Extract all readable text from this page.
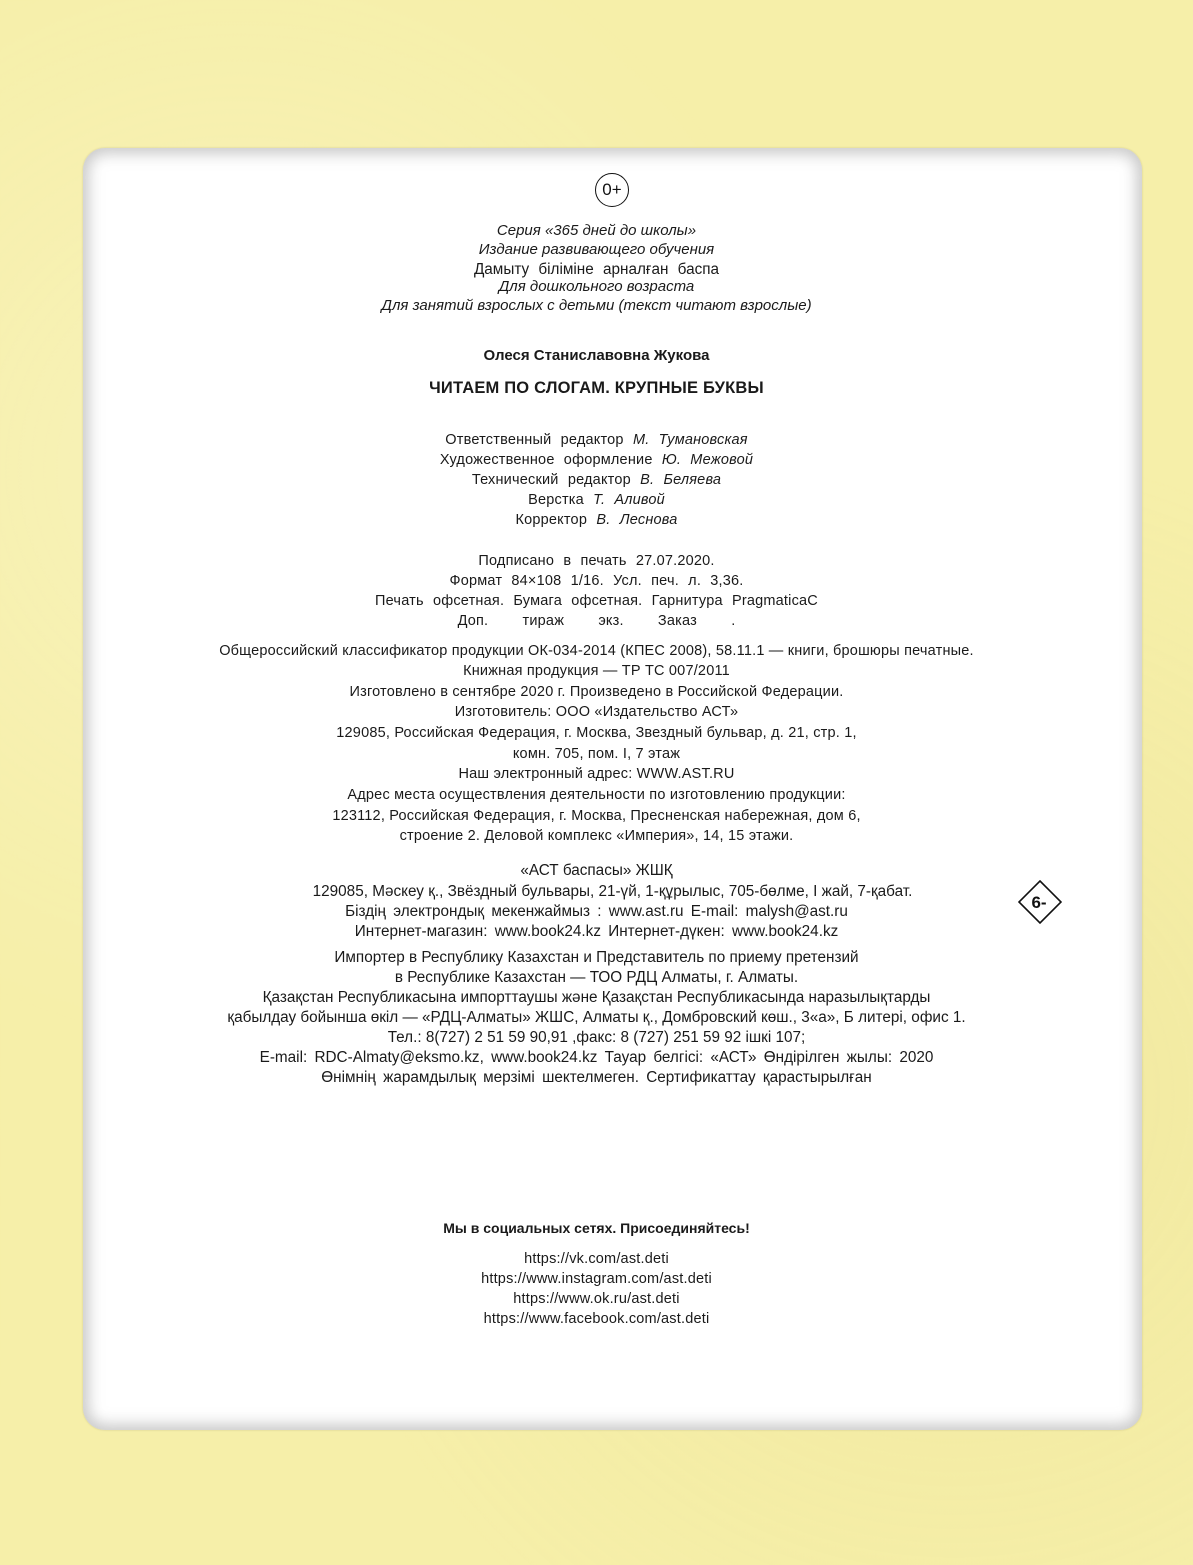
0+
Серия «365 дней до школы»
Издание развивающего обучения
Дамыту біліміне арналған баспа
Для дошкольного возраста
Для занятий взрослых с детьми (текст читают взрослые)
Олеся Станиславовна Жукова
ЧИТАЕМ ПО СЛОГАМ. КРУПНЫЕ БУКВЫ
Ответственный редактор М. Тумановская
Художественное оформление Ю. Межовой
Технический редактор В. Беляева
Верстка Т. Аливой
Корректор В. Леснова
Подписано в печать 27.07.2020.
Формат 84×108 1/16. Усл. печ. л. 3,36.
Печать офсетная. Бумага офсетная. Гарнитура PragmaticaC
Доп. тираж экз. Заказ .
Общероссийский классификатор продукции ОК-034-2014 (КПЕС 2008), 58.11.1 — книги, брошюры печатные.
Книжная продукция — ТР ТС 007/2011
Изготовлено в сентябре 2020 г. Произведено в Российской Федерации.
Изготовитель: ООО «Издательство АСТ»
129085, Российская Федерация, г. Москва, Звездный бульвар, д. 21, стр. 1,
комн. 705, пом. I, 7 этаж
Наш электронный адрес: WWW.AST.RU
Адрес места осуществления деятельности по изготовлению продукции:
123112, Российская Федерация, г. Москва, Пресненская набережная, дом 6,
строение 2. Деловой комплекс «Империя», 14, 15 этажи.
«АСТ баспасы» ЖШҚ
129085, Мәскеу қ., Звёздный бульвары, 21-үй, 1-құрылыс, 705-бөлме, I жай, 7-қабат.
Біздің электрондық мекенжаймыз : www.ast.ru E-mail: malysh@ast.ru
Интернет-магазин: www.book24.kz Интернет-дүкен: www.book24.kz
6-
Импортер в Республику Казахстан и Представитель по приему претензий
в Республике Казахстан — ТОО РДЦ Алматы, г. Алматы.
Қазақстан Республикасына импорттаушы және Қазақстан Республикасында наразылықтарды
қабылдау бойынша өкіл — «РДЦ-Алматы» ЖШС, Алматы қ., Домбровский көш., 3«а», Б литері, офис 1.
Тел.: 8(727) 2 51 59 90,91 ,факс: 8 (727) 251 59 92 ішкі 107;
E-mail: RDC-Almaty@eksmo.kz, www.book24.kz Тауар белгісі: «АСТ» Өндірілген жылы: 2020
Өнімнің жарамдылық мерзімі шектелмеген. Сертификаттау қарастырылған
Мы в социальных сетях. Присоединяйтесь!
https://vk.com/ast.deti
https://www.instagram.com/ast.deti
https://www.ok.ru/ast.deti
https://www.facebook.com/ast.deti
